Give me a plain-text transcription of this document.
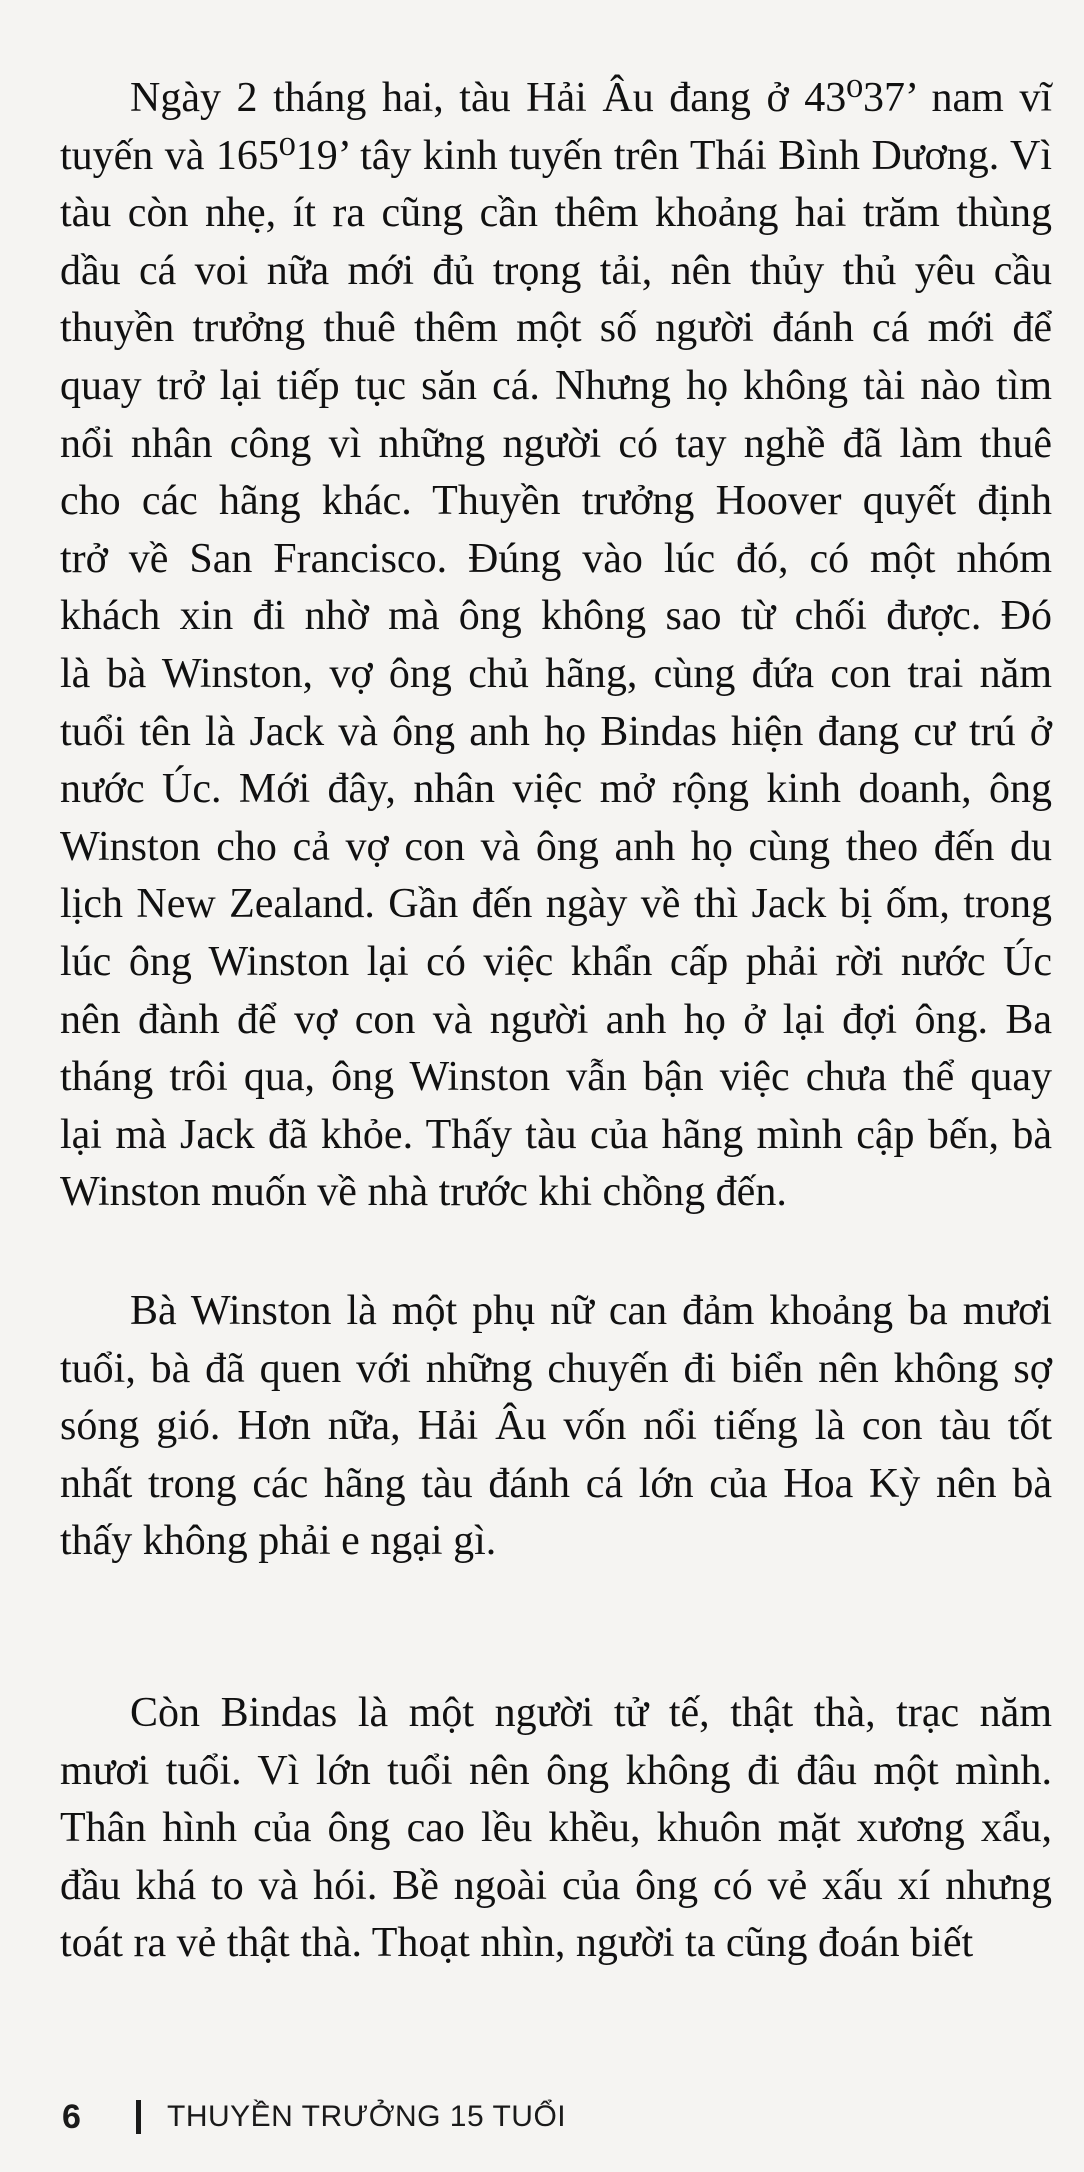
Ngày 2 tháng hai, tàu Hải Âu đang ở 43⁰37’ nam vĩ
tuyến và 165⁰19’ tây kinh tuyến trên Thái Bình Dương. Vì
tàu còn nhẹ, ít ra cũng cần thêm khoảng hai trăm thùng
dầu cá voi nữa mới đủ trọng tải, nên thủy thủ yêu cầu
thuyền trưởng thuê thêm một số người đánh cá mới để
quay trở lại tiếp tục săn cá. Nhưng họ không tài nào tìm
nổi nhân công vì những người có tay nghề đã làm thuê
cho các hãng khác. Thuyền trưởng Hoover quyết định
trở về San Francisco. Đúng vào lúc đó, có một nhóm
khách xin đi nhờ mà ông không sao từ chối được. Đó
là bà Winston, vợ ông chủ hãng, cùng đứa con trai năm
tuổi tên là Jack và ông anh họ Bindas hiện đang cư trú ở
nước Úc. Mới đây, nhân việc mở rộng kinh doanh, ông
Winston cho cả vợ con và ông anh họ cùng theo đến du
lịch New Zealand. Gần đến ngày về thì Jack bị ốm, trong
lúc ông Winston lại có việc khẩn cấp phải rời nước Úc
nên đành để vợ con và người anh họ ở lại đợi ông. Ba
tháng trôi qua, ông Winston vẫn bận việc chưa thể quay
lại mà Jack đã khỏe. Thấy tàu của hãng mình cập bến, bà
Winston muốn về nhà trước khi chồng đến.
Bà Winston là một phụ nữ can đảm khoảng ba mươi
tuổi, bà đã quen với những chuyến đi biển nên không sợ
sóng gió. Hơn nữa, Hải Âu vốn nổi tiếng là con tàu tốt
nhất trong các hãng tàu đánh cá lớn của Hoa Kỳ nên bà
thấy không phải e ngại gì.
Còn Bindas là một người tử tế, thật thà, trạc năm
mươi tuổi. Vì lớn tuổi nên ông không đi đâu một mình.
Thân hình của ông cao lều khều, khuôn mặt xương xẩu,
đầu khá to và hói. Bề ngoài của ông có vẻ xấu xí nhưng
toát ra vẻ thật thà. Thoạt nhìn, người ta cũng đoán biết
6	THUYỀN TRƯỞNG 15 TUỔI
